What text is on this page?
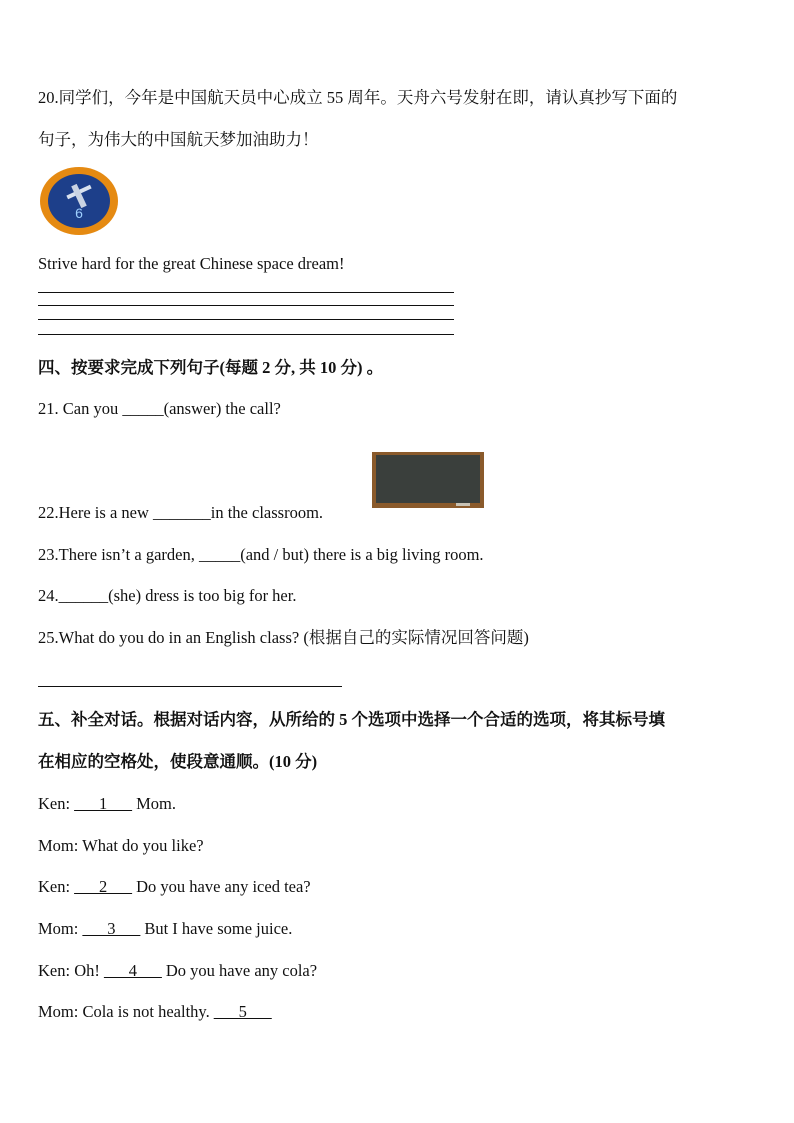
20.同学们，今年是中国航天员中心成立 55 周年。天舟六号发射在即，请认真抄写下面的
句子，为伟大的中国航天梦加油助力！
6
Strive hard for the great Chinese space dream!
四、按要求完成下列句子(每题 2 分, 共 10 分) 。
21. Can you _____(answer) the call?
22.Here is a new _______in the classroom.
23.There isn’t a garden, _____(and / but) there is a big living room.
24.______(she) dress is too big for her.
25.What do you do in an English class? (根据自己的实际情况回答问题)
五、补全对话。根据对话内容，从所给的 5 个选项中选择一个合适的选项，将其标号填
在相应的空格处，使段意通顺。(10 分)
Ken: ___1___ Mom.
Mom: What do you like?
Ken: ___2___ Do you have any iced tea?
Mom: ___3___ But I have some juice.
Ken: Oh! ___4___ Do you have any cola?
Mom: Cola is not healthy. ___5___
